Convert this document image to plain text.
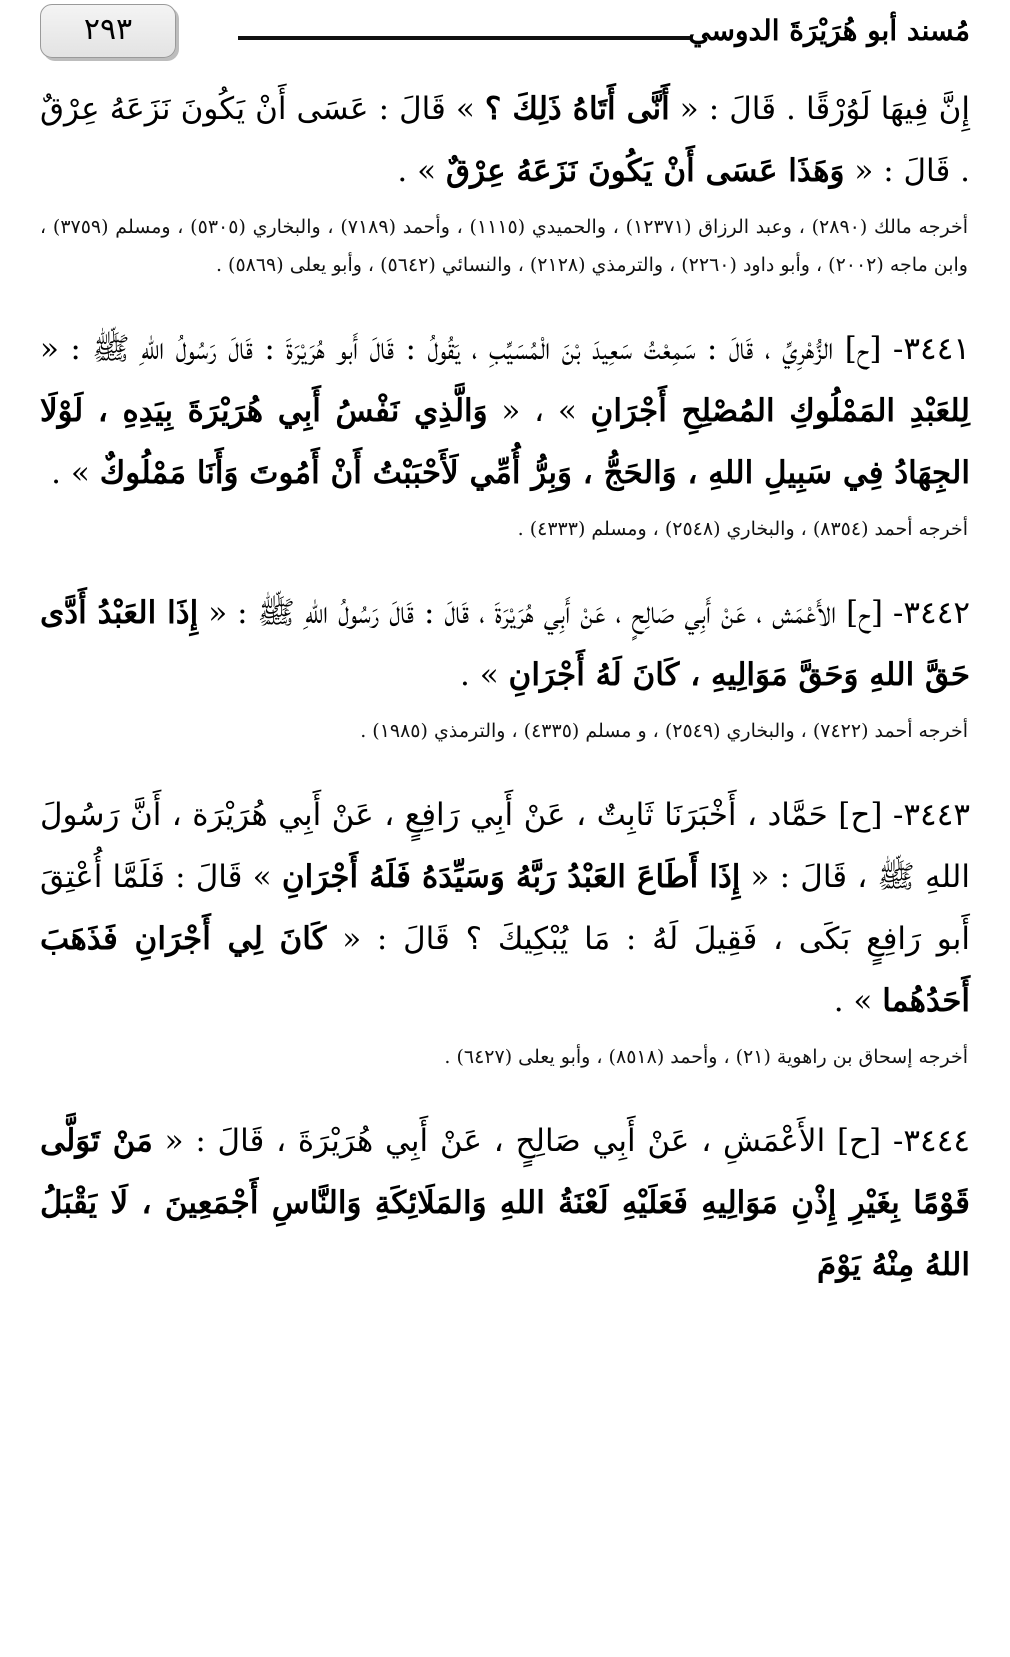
مُسند أبو هُرَيْرَةَ الدوسي
٢٩٣

إِنَّ فِيهَا لَوُرْقًا . قَالَ : « أَنَّى أَتَاهُ ذَلِكَ ؟ » قَالَ : عَسَى أَنْ يَكُونَ نَزَعَهُ عِرْقٌ . قَالَ : « وَهَذَا عَسَى أَنْ يَكُونَ نَزَعَهُ عِرْقٌ » .

أخرجه مالك (٢٨٩٠) ، وعبد الرزاق (١٢٣٧١) ، والحميدي (١١١٥) ، وأحمد (٧١٨٩) ، والبخاري (٥٣٠٥) ، ومسلم (٣٧٥٩) ، وابن ماجه (٢٠٠٢) ، وأبو داود (٢٢٦٠) ، والترمذي (٢١٢٨) ، والنسائي (٥٦٤٢) ، وأبو يعلى (٥٨٦٩) .

٣٤٤١- [ح] الزُّهْرِيِّ ، قَالَ : سَمِعْتُ سَعِيدَ بْنَ الْمُسَيِّبِ ، يَقُولُ : قَالَ أَبو هُرَيْرَةَ : قَالَ رَسُولُ اللهِ ﷺ : « لِلعَبْدِ المَمْلُوكِ المُصْلِحِ أَجْرَانِ » ، « وَالَّذِي نَفْسُ أَبِي هُرَيْرَةَ بِيَدِهِ ، لَوْلَا الجِهَادُ فِي سَبِيلِ اللهِ ، وَالحَجُّ ، وَبِرُّ أُمِّي لَأَحْبَبْتُ أَنْ أَمُوتَ وَأَنَا مَمْلُوكٌ » .

أخرجه أحمد (٨٣٥٤) ، والبخاري (٢٥٤٨) ، ومسلم (٤٣٣٣) .

٣٤٤٢- [ح] الأَعْمَش ، عَنْ أَبِي صَالِحٍ ، عَنْ أَبِي هُرَيْرَةَ ، قَالَ : قَالَ رَسُولُ اللهِ ﷺ : « إِذَا العَبْدُ أَدَّى حَقَّ اللهِ وَحَقَّ مَوَالِيهِ ، كَانَ لَهُ أَجْرَانِ » .

أخرجه أحمد (٧٤٢٢) ، والبخاري (٢٥٤٩) ، و مسلم (٤٣٣٥) ، والترمذي (١٩٨٥) .

٣٤٤٣- [ح] حَمَّاد ، أَخْبَرَنَا ثَابِتٌ ، عَنْ أَبِي رَافِعٍ ، عَنْ أَبِي هُرَيْرَة ، أَنَّ رَسُولَ اللهِ ﷺ ، قَالَ : « إِذَا أَطَاعَ العَبْدُ رَبَّهُ وَسَيِّدَهُ فَلَهُ أَجْرَانِ » قَالَ : فَلَمَّا أُعْتِقَ أَبو رَافِعٍ بَكَى ، فَقِيلَ لَهُ : مَا يُبْكِيكَ ؟ قَالَ : « كَانَ لِي أَجْرَانِ فَذَهَبَ أَحَدُهُما » .

أخرجه إسحاق بن راهوية (٢١) ، وأحمد (٨٥١٨) ، وأبو يعلى (٦٤٢٧) .

٣٤٤٤- [ح] الأَعْمَشِ ، عَنْ أَبِي صَالِحٍ ، عَنْ أَبِي هُرَيْرَةَ ، قَالَ : « مَنْ تَوَلَّى قَوْمًا بِغَيْرِ إِذْنِ مَوَالِيهِ فَعَلَيْهِ لَعْنَةُ اللهِ وَالمَلَائِكَةِ وَالنَّاسِ أَجْمَعِينَ ، لَا يَقْبَلُ اللهُ مِنْهُ يَوْمَ
